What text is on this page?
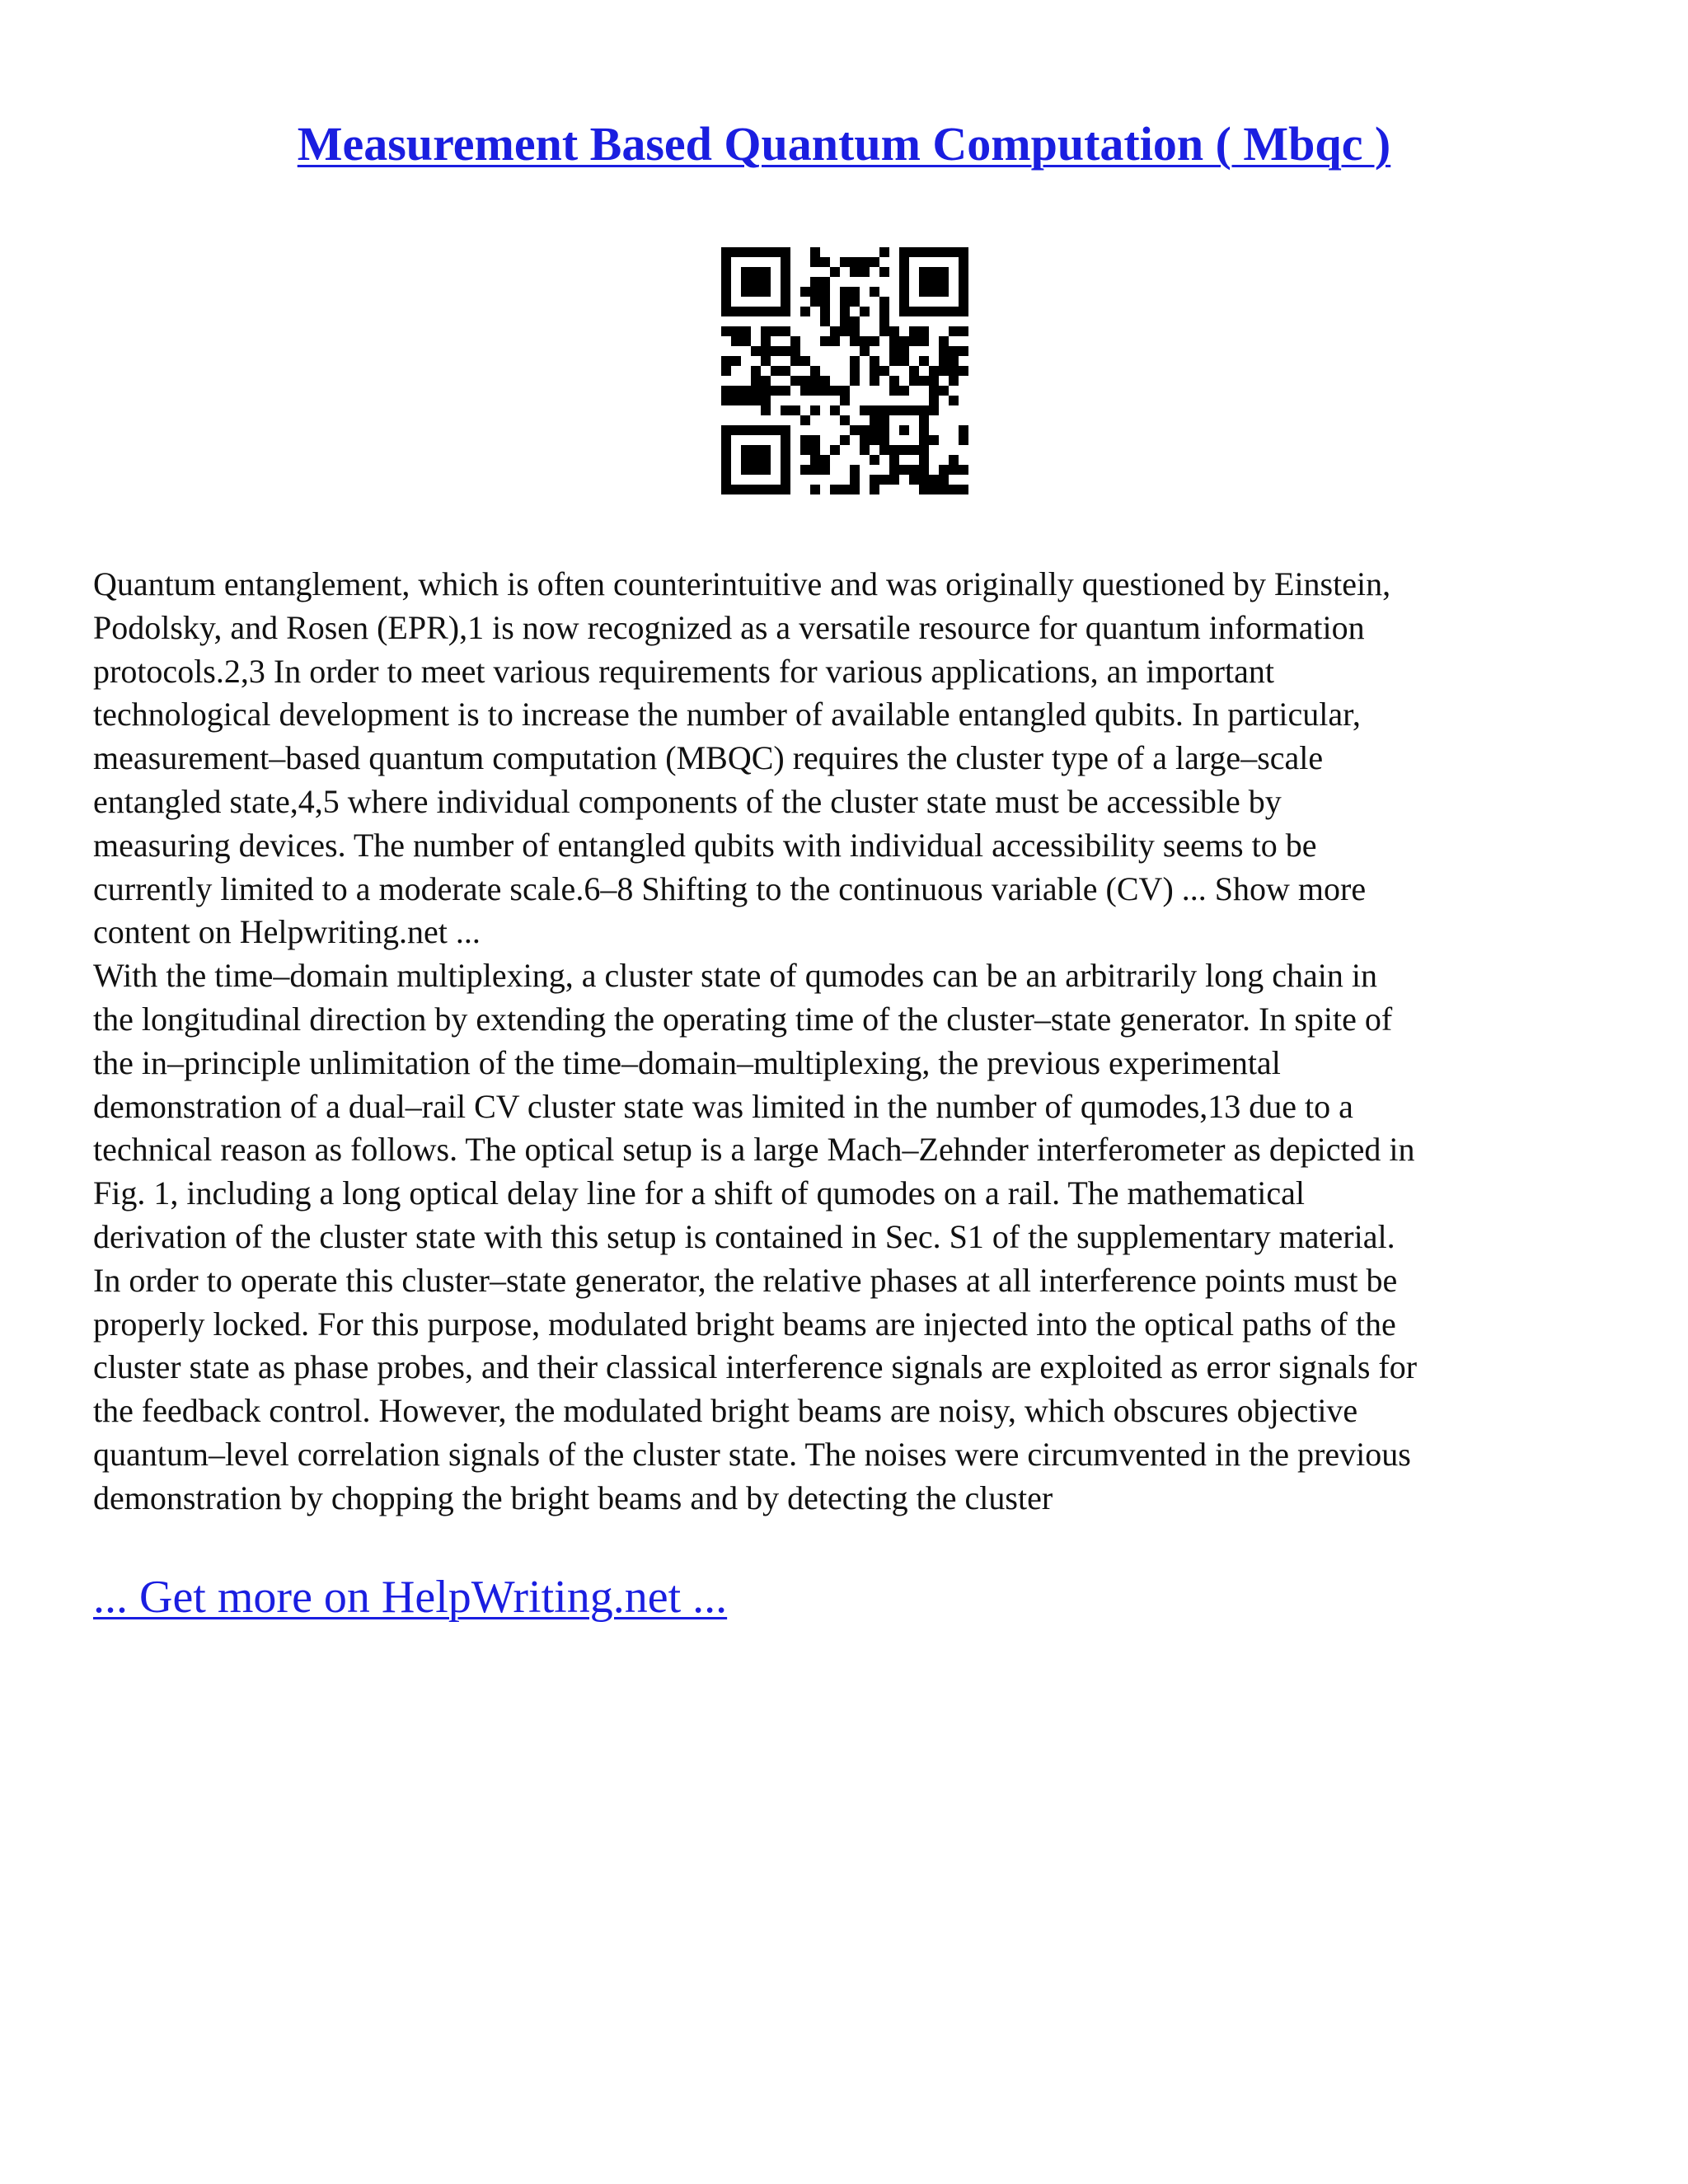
Measurement Based Quantum Computation ( Mbqc )

Quantum entanglement, which is often counterintuitive and was originally questioned by Einstein,
Podolsky, and Rosen (EPR),1 is now recognized as a versatile resource for quantum information
protocols.2,3 In order to meet various requirements for various applications, an important
technological development is to increase the number of available entangled qubits. In particular,
measurement–based quantum computation (MBQC) requires the cluster type of a large–scale
entangled state,4,5 where individual components of the cluster state must be accessible by
measuring devices. The number of entangled qubits with individual accessibility seems to be
currently limited to a moderate scale.6–8 Shifting to the continuous variable (CV) ... Show more
content on Helpwriting.net ...

With the time–domain multiplexing, a cluster state of qumodes can be an arbitrarily long chain in
the longitudinal direction by extending the operating time of the cluster–state generator. In spite of
the in–principle unlimitation of the time–domain–multiplexing, the previous experimental
demonstration of a dual–rail CV cluster state was limited in the number of qumodes,13 due to a
technical reason as follows. The optical setup is a large Mach–Zehnder interferometer as depicted in
Fig. 1, including a long optical delay line for a shift of qumodes on a rail. The mathematical
derivation of the cluster state with this setup is contained in Sec. S1 of the supplementary material.
In order to operate this cluster–state generator, the relative phases at all interference points must be
properly locked. For this purpose, modulated bright beams are injected into the optical paths of the
cluster state as phase probes, and their classical interference signals are exploited as error signals for
the feedback control. However, the modulated bright beams are noisy, which obscures objective
quantum–level correlation signals of the cluster state. The noises were circumvented in the previous
demonstration by chopping the bright beams and by detecting the cluster

... Get more on HelpWriting.net ...
